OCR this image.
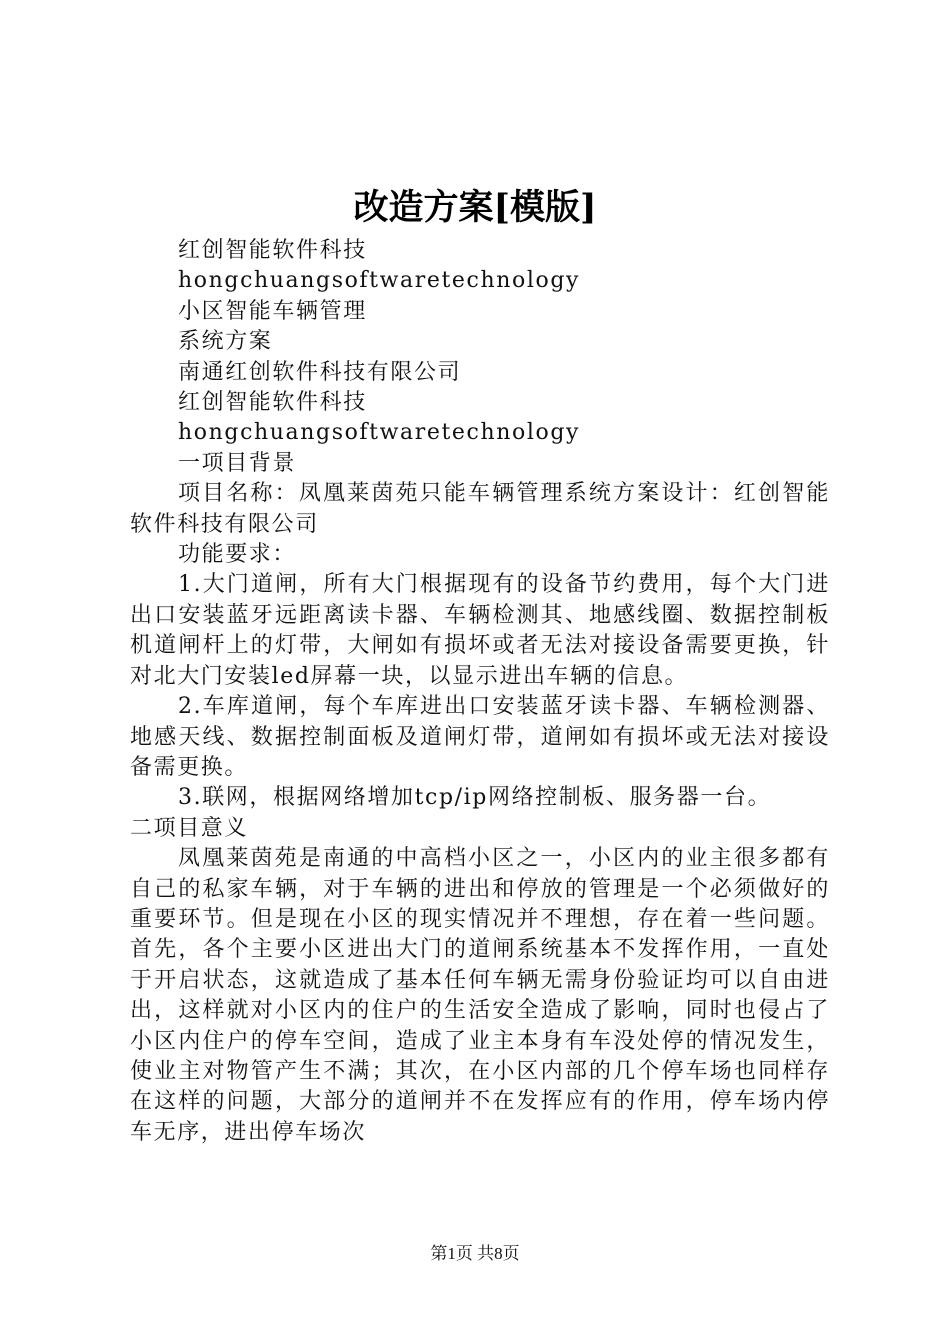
改造方案[模版]
红创智能软件科技
hongchuangsoftwaretechnology
小区智能车辆管理
系统方案
南通红创软件科技有限公司
红创智能软件科技
hongchuangsoftwaretechnology
一项目背景

项目名称：凤凰莱茵苑只能车辆管理系统方案设计：红创智能软件科技有限公司

功能要求：

1.大门道闸，所有大门根据现有的设备节约费用，每个大门进出口安装蓝牙远距离读卡器、车辆检测其、地感线圈、数据控制板机道闸杆上的灯带，大闸如有损坏或者无法对接设备需要更换，针对北大门安装led屏幕一块，以显示进出车辆的信息。

2.车库道闸，每个车库进出口安装蓝牙读卡器、车辆检测器、地感天线、数据控制面板及道闸灯带，道闸如有损坏或无法对接设备需更换。

3.联网，根据网络增加tcp/ip网络控制板、服务器一台。

二项目意义

凤凰莱茵苑是南通的中高档小区之一，小区内的业主很多都有自己的私家车辆，对于车辆的进出和停放的管理是一个必须做好的重要环节。但是现在小区的现实情况并不理想，存在着一些问题。首先，各个主要小区进出大门的道闸系统基本不发挥作用，一直处于开启状态，这就造成了基本任何车辆无需身份验证均可以自由进出，这样就对小区内的住户的生活安全造成了影响，同时也侵占了小区内住户的停车空间，造成了业主本身有车没处停的情况发生，使业主对物管产生不满；其次，在小区内部的几个停车场也同样存在这样的问题，大部分的道闸并不在发挥应有的作用，停车场内停车无序，进出停车场次

第1页 共8页
